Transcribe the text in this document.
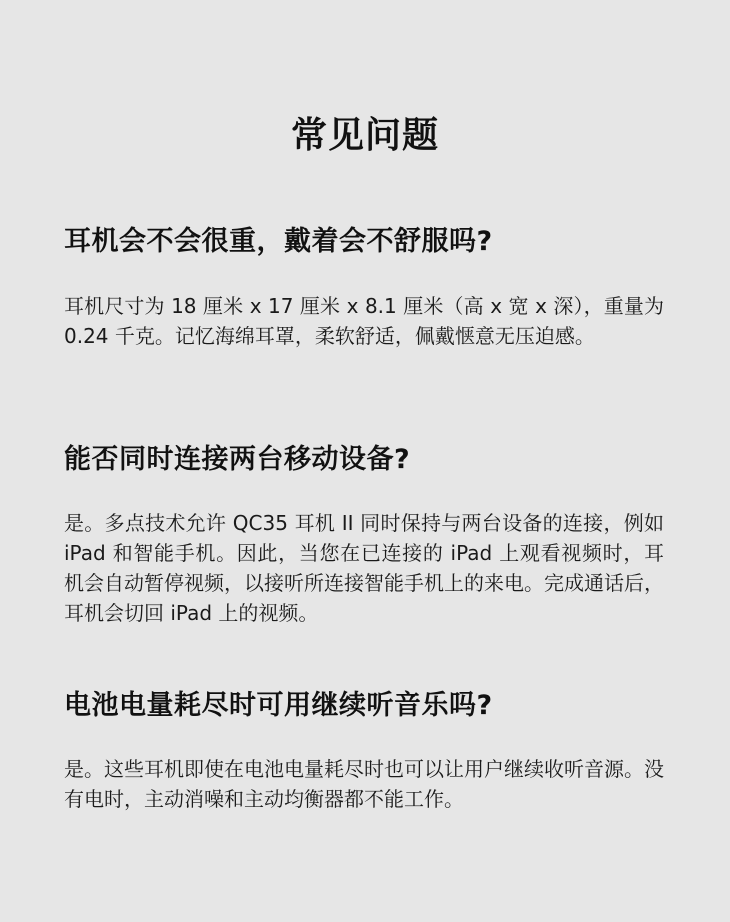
常见问题
耳机会不会很重，戴着会不舒服吗?

耳机尺寸为 18 厘米 x 17 厘米 x 8.1 厘米（高 x 宽 x 深），重量为 0.24 千克。记忆海绵耳罩，柔软舒适，佩戴惬意无压迫感。

能否同时连接两台移动设备?

是。多点技术允许 QC35 耳机 II 同时保持与两台设备的连接，例如 iPad 和智能手机。因此，当您在已连接的 iPad 上观看视频时，耳机会自动暂停视频，以接听所连接智能手机上的来电。完成通话后，耳机会切回 iPad 上的视频。

电池电量耗尽时可用继续听音乐吗?

是。这些耳机即使在电池电量耗尽时也可以让用户继续收听音源。没有电时，主动消噪和主动均衡器都不能工作。
